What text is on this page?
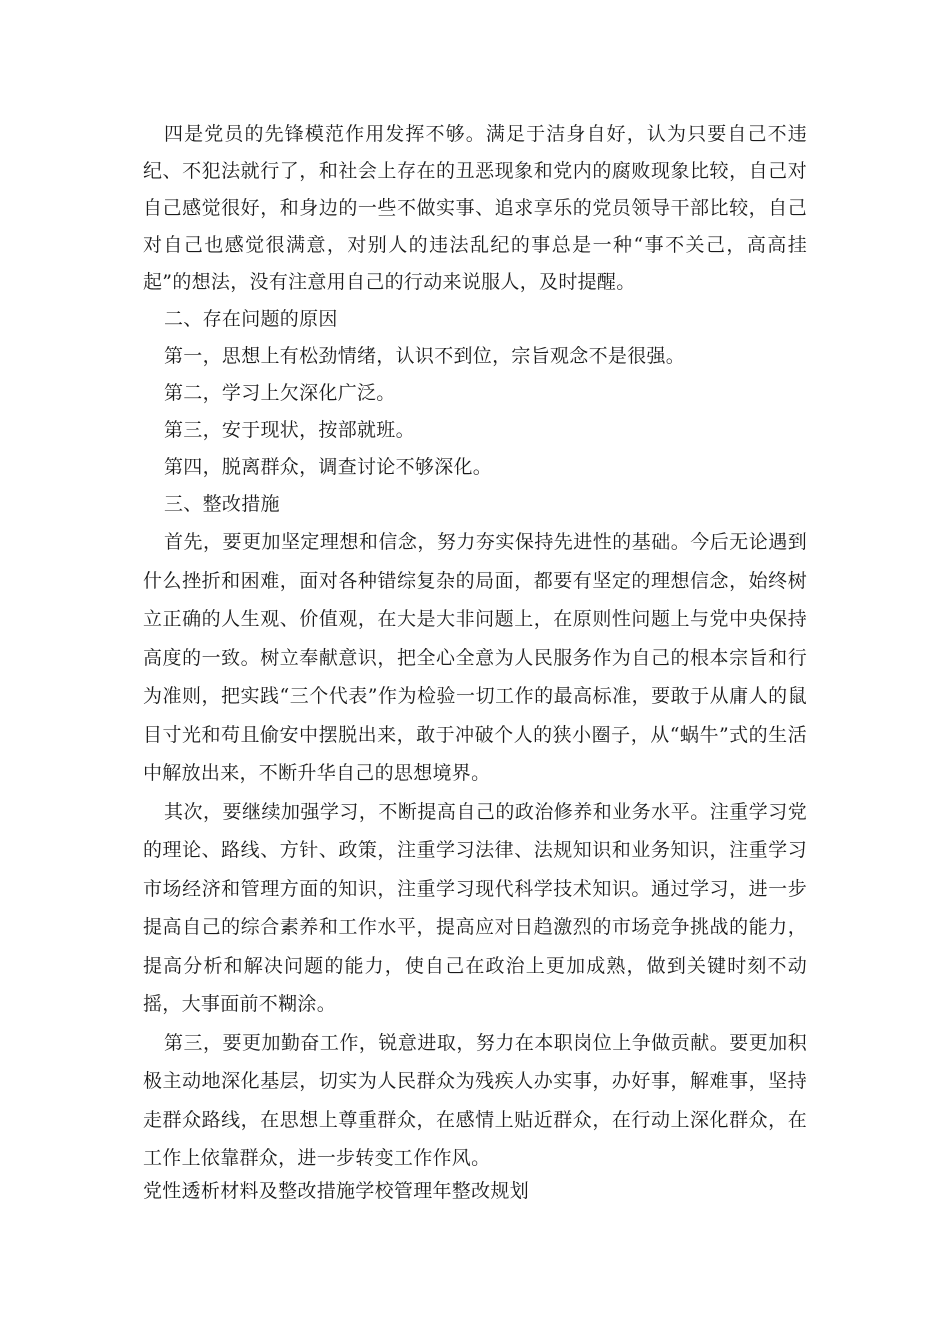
四是党员的先锋模范作用发挥不够。满足于洁身自好，认为只要自己不违纪、不犯法就行了，和社会上存在的丑恶现象和党内的腐败现象比较，自己对自己感觉很好，和身边的一些不做实事、追求享乐的党员领导干部比较，自己对自己也感觉很满意，对别人的违法乱纪的事总是一种“事不关己，高高挂起”的想法，没有注意用自己的行动来说服人，及时提醒。

二、存在问题的原因

第一，思想上有松劲情绪，认识不到位，宗旨观念不是很强。

第二，学习上欠深化广泛。

第三，安于现状，按部就班。

第四，脱离群众，调查讨论不够深化。

三、整改措施

首先，要更加坚定理想和信念，努力夯实保持先进性的基础。今后无论遇到什么挫折和困难，面对各种错综复杂的局面，都要有坚定的理想信念，始终树立正确的人生观、价值观，在大是大非问题上，在原则性问题上与党中央保持高度的一致。树立奉献意识，把全心全意为人民服务作为自己的根本宗旨和行为准则，把实践“三个代表”作为检验一切工作的最高标准，要敢于从庸人的鼠目寸光和苟且偷安中摆脱出来，敢于冲破个人的狭小圈子，从“蜗牛”式的生活中解放出来，不断升华自己的思想境界。

其次，要继续加强学习，不断提高自己的政治修养和业务水平。注重学习党的理论、路线、方针、政策，注重学习法律、法规知识和业务知识，注重学习市场经济和管理方面的知识，注重学习现代科学技术知识。通过学习，进一步提高自己的综合素养和工作水平，提高应对日趋激烈的市场竞争挑战的能力，提高分析和解决问题的能力，使自己在政治上更加成熟，做到关键时刻不动摇，大事面前不糊涂。

第三，要更加勤奋工作，锐意进取，努力在本职岗位上争做贡献。要更加积极主动地深化基层，切实为人民群众为残疾人办实事，办好事，解难事，坚持走群众路线，在思想上尊重群众，在感情上贴近群众，在行动上深化群众，在工作上依靠群众，进一步转变工作作风。

党性透析材料及整改措施学校管理年整改规划
